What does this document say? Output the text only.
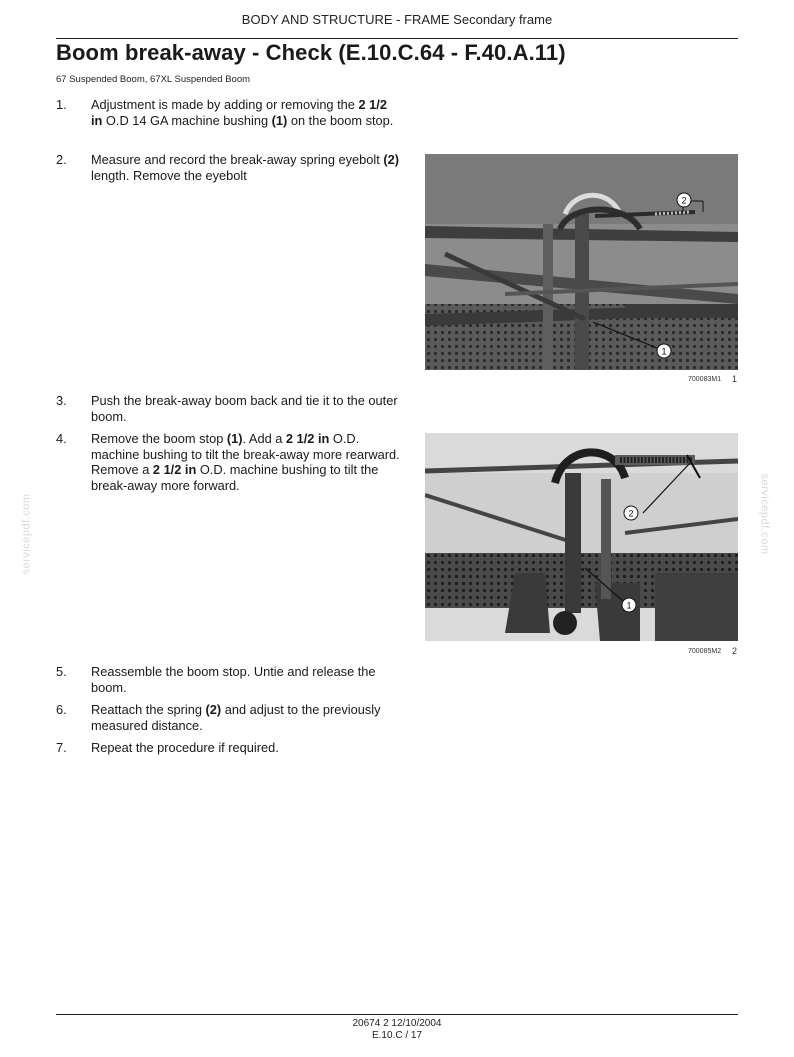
BODY AND STRUCTURE - FRAME Secondary frame
Boom break-away - Check (E.10.C.64 - F.40.A.11)
67 Suspended Boom, 67XL Suspended Boom
1. Adjustment is made by adding or removing the 2 1/2 in O.D 14 GA machine bushing (1) on the boom stop.
2. Measure and record the break-away spring eyebolt (2) length. Remove the eyebolt
3. Push the break-away boom back and tie it to the outer boom.
4. Remove the boom stop (1). Add a 2 1/2 in O.D. machine bushing to tilt the break-away more rearward. Remove a 2 1/2 in O.D. machine bushing to tilt the break-away more forward.
5. Reassemble the boom stop. Untie and release the boom.
6. Reattach the spring (2) and adjust to the previously measured distance.
7. Repeat the procedure if required.
2
1
700083M1 1
2
1
700085M2 2
servicepdf.com	servicepdf.com
20674 2 12/10/2004
E.10.C / 17
